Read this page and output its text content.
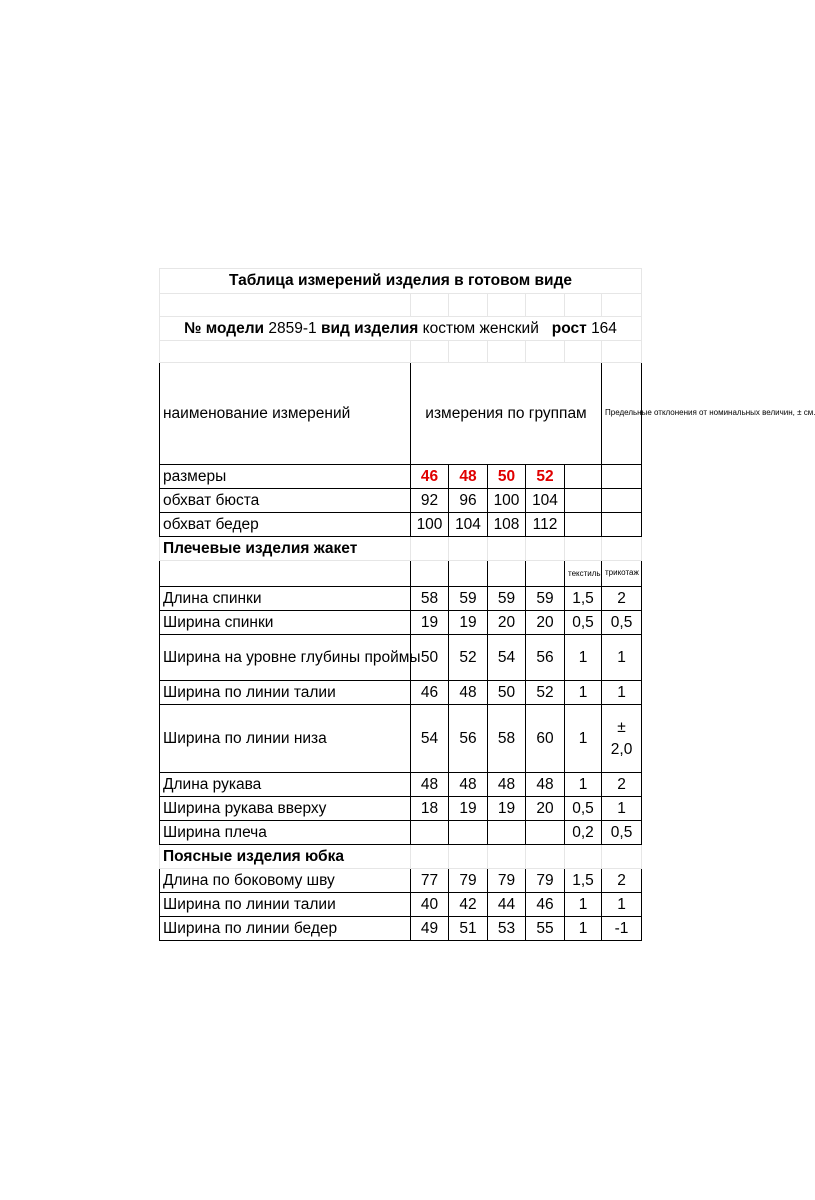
Таблица измерений изделия в готовом виде						

№ модели 2859-1 вид изделия костюм женский рост 164						

наименование измерений	измерения по группам					Предельные отклонения от номинальных величин, ± см.
размеры	46	48	50	52		
обхват бюста	92	96	100	104		
обхват бедер	100	104	108	112		
Плечевые изделия жакет						
					текстиль	трикотаж
Длина спинки	58	59	59	59	1,5	2
Ширина спинки	19	19	20	20	0,5	0,5
Ширина на уровне глубины проймы	50	52	54	56	1	1
Ширина по линии талии	46	48	50	52	1	1
Ширина по линии низа	54	56	58	60	1	±
2,0

Длина рукава	48	48	48	48	1	2
Ширина рукава вверху	18	19	19	20	0,5	1
Ширина плеча					0,2	0,5
Поясные изделия юбка						
Длина по боковому шву	77	79	79	79	1,5	2
Ширина по линии талии	40	42	44	46	1	1
Ширина по линии бедер	49	51	53	55	1	-1
